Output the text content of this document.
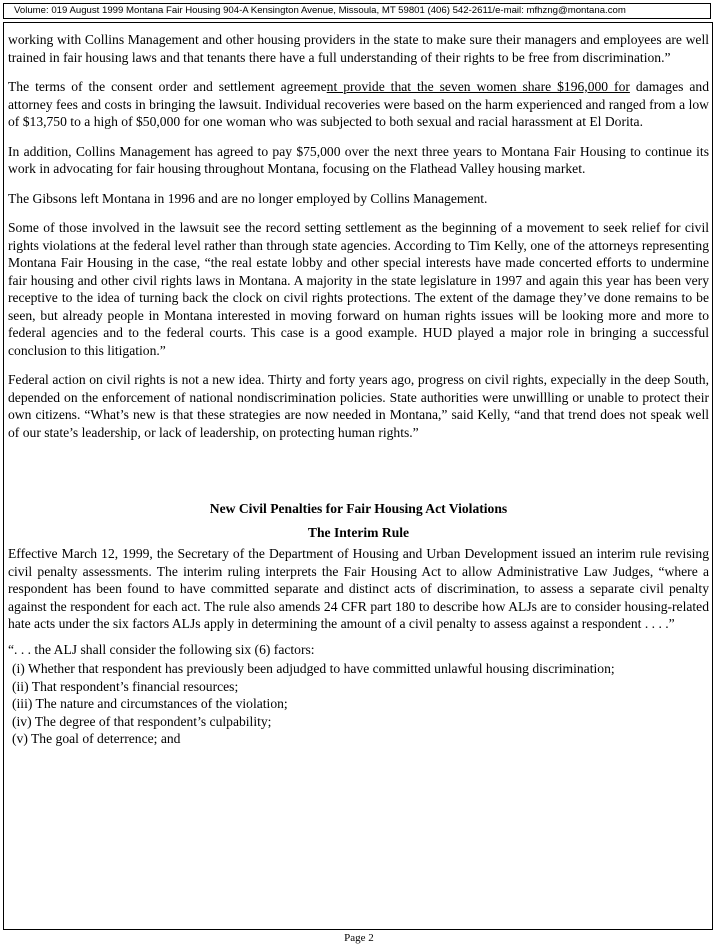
Volume: 019 August 1999 Montana Fair Housing 904-A Kensington Avenue, Missoula, MT 59801 (406) 542-2611/e-mail: mfhzng@montana.com

working with Collins Management and other housing providers in the state to make sure their managers and employees are well trained in fair housing laws and that tenants there have a full understanding of their rights to be free from discrimination.”

The terms of the consent order and settlement agreement provide that the seven women share $196,000 for damages and attorney fees and costs in bringing the lawsuit. Individual recoveries were based on the harm experienced and ranged from a low of $13,750 to a high of $50,000 for one woman who was subjected to both sexual and racial harassment at El Dorita.

In addition, Collins Management has agreed to pay $75,000 over the next three years to Montana Fair Housing to continue its work in advocating for fair housing throughout Montana, focusing on the Flathead Valley housing market.

The Gibsons left Montana in 1996 and are no longer employed by Collins Management.

Some of those involved in the lawsuit see the record setting settlement as the beginning of a movement to seek relief for civil rights violations at the federal level rather than through state agencies. According to Tim Kelly, one of the attorneys representing Montana Fair Housing in the case, “the real estate lobby and other special interests have made concerted efforts to undermine fair housing and other civil rights laws in Montana. A majority in the state legislature in 1997 and again this year has been very receptive to the idea of turning back the clock on civil rights protections. The extent of the damage they’ve done remains to be seen, but already people in Montana interested in moving forward on human rights issues will be looking more and more to federal agencies and to the federal courts. This case is a good example. HUD played a major role in bringing a successful conclusion to this litigation.”

Federal action on civil rights is not a new idea. Thirty and forty years ago, progress on civil rights, expecially in the deep South, depended on the enforcement of national nondiscrimination policies. State authorities were unwillling or unable to protect their own citizens. “What’s new is that these strategies are now needed in Montana,” said Kelly, “and that trend does not speak well of our state’s leadership, or lack of leadership, on protecting human rights.”

New Civil Penalties for Fair Housing Act Violations
The Interim Rule

Effective March 12, 1999, the Secretary of the Department of Housing and Urban Development issued an interim rule revising civil penalty assessments. The interim ruling interprets the Fair Housing Act to allow Administrative Law Judges, “where a respondent has been found to have committed separate and distinct acts of discrimination, to assess a separate civil penalty against the respondent for each act. The rule also amends 24 CFR part 180 to describe how ALJs are to consider housing-related hate acts under the six factors ALJs apply in determining the amount of a civil penalty to assess against a respondent . . . .”

“. . . the ALJ shall consider the following six (6) factors:

(i) Whether that respondent has previously been adjudged to have committed unlawful housing discrimination;
(ii) That respondent’s financial resources;
(iii) The nature and circumstances of the violation;
(iv) The degree of that respondent’s culpability;
(v) The goal of deterrence; and
Page 2
